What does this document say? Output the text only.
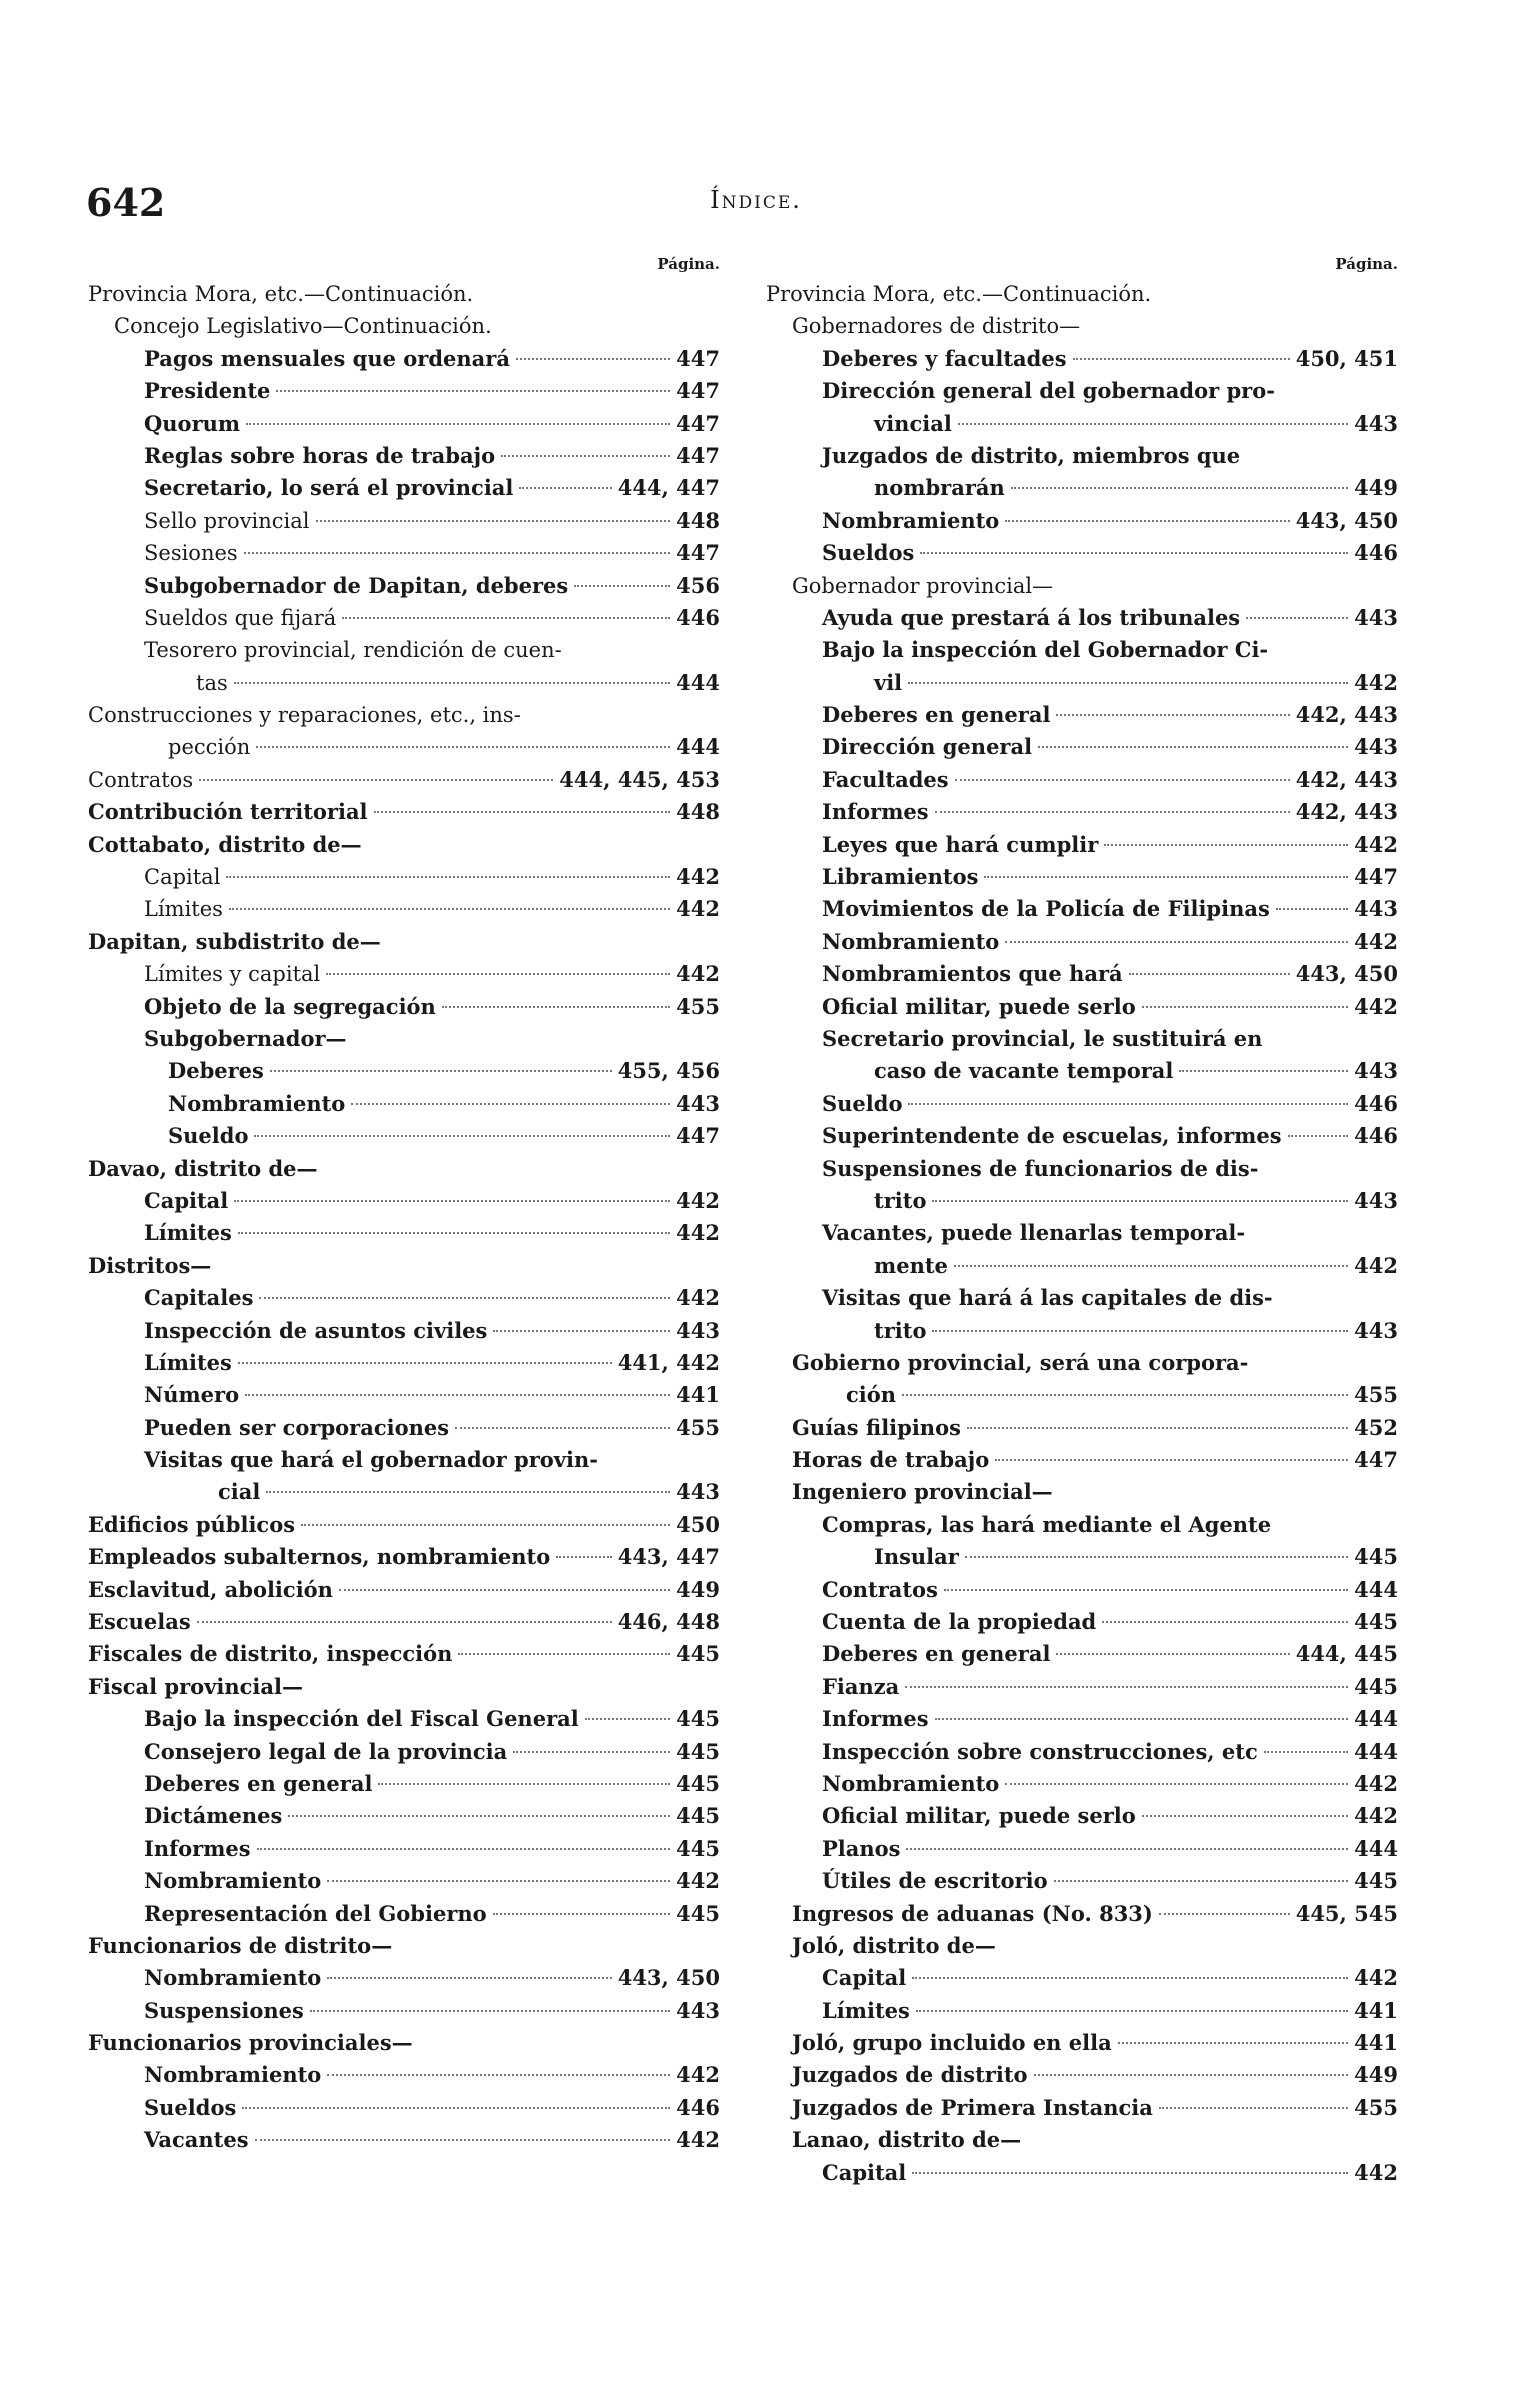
642	Índice.
Página.
Provincia Mora, etc.—Continuación.
Concejo Legislativo—Continuación.
Pagos mensuales que ordenará	447
Presidente	447
Quorum	447
Reglas sobre horas de trabajo	447
Secretario, lo será el provincial	444, 447
Sello provincial	448
Sesiones	447
Subgobernador de Dapitan, deberes	456
Sueldos que fijará	446
Tesorero provincial, rendición de cuen-
tas	444
Construcciones y reparaciones, etc., ins-
pección	444
Contratos	444, 445, 453
Contribución territorial	448
Cottabato, distrito de—
Capital	442
Límites	442
Dapitan, subdistrito de—
Límites y capital	442
Objeto de la segregación	455
Subgobernador—
Deberes	455, 456
Nombramiento	443
Sueldo	447
Davao, distrito de—
Capital	442
Límites	442
Distritos—
Capitales	442
Inspección de asuntos civiles	443
Límites	441, 442
Número	441
Pueden ser corporaciones	455
Visitas que hará el gobernador provin-
cial	443
Edificios públicos	450
Empleados subalternos, nombramiento	443, 447
Esclavitud, abolición	449
Escuelas	446, 448
Fiscales de distrito, inspección	445
Fiscal provincial—
Bajo la inspección del Fiscal General	445
Consejero legal de la provincia	445
Deberes en general	445
Dictámenes	445
Informes	445
Nombramiento	442
Representación del Gobierno	445
Funcionarios de distrito—
Nombramiento	443, 450
Suspensiones	443
Funcionarios provinciales—
Nombramiento	442
Sueldos	446
Vacantes	442
Página.
Provincia Mora, etc.—Continuación.
Gobernadores de distrito—
Deberes y facultades	450, 451
Dirección general del gobernador pro-
vincial	443
Juzgados de distrito, miembros que
nombrarán	449
Nombramiento	443, 450
Sueldos	446
Gobernador provincial—
Ayuda que prestará á los tribunales	443
Bajo la inspección del Gobernador Ci-
vil	442
Deberes en general	442, 443
Dirección general	443
Facultades	442, 443
Informes	442, 443
Leyes que hará cumplir	442
Libramientos	447
Movimientos de la Policía de Filipinas	443
Nombramiento	442
Nombramientos que hará	443, 450
Oficial militar, puede serlo	442
Secretario provincial, le sustituirá en
caso de vacante temporal	443
Sueldo	446
Superintendente de escuelas, informes	446
Suspensiones de funcionarios de dis-
trito	443
Vacantes, puede llenarlas temporal-
mente	442
Visitas que hará á las capitales de dis-
trito	443
Gobierno provincial, será una corpora-
ción	455
Guías filipinos	452
Horas de trabajo	447
Ingeniero provincial—
Compras, las hará mediante el Agente
Insular	445
Contratos	444
Cuenta de la propiedad	445
Deberes en general	444, 445
Fianza	445
Informes	444
Inspección sobre construcciones, etc	444
Nombramiento	442
Oficial militar, puede serlo	442
Planos	444
Útiles de escritorio	445
Ingresos de aduanas (No. 833)	445, 545
Joló, distrito de—
Capital	442
Límites	441
Joló, grupo incluido en ella	441
Juzgados de distrito	449
Juzgados de Primera Instancia	455
Lanao, distrito de—
Capital	442
